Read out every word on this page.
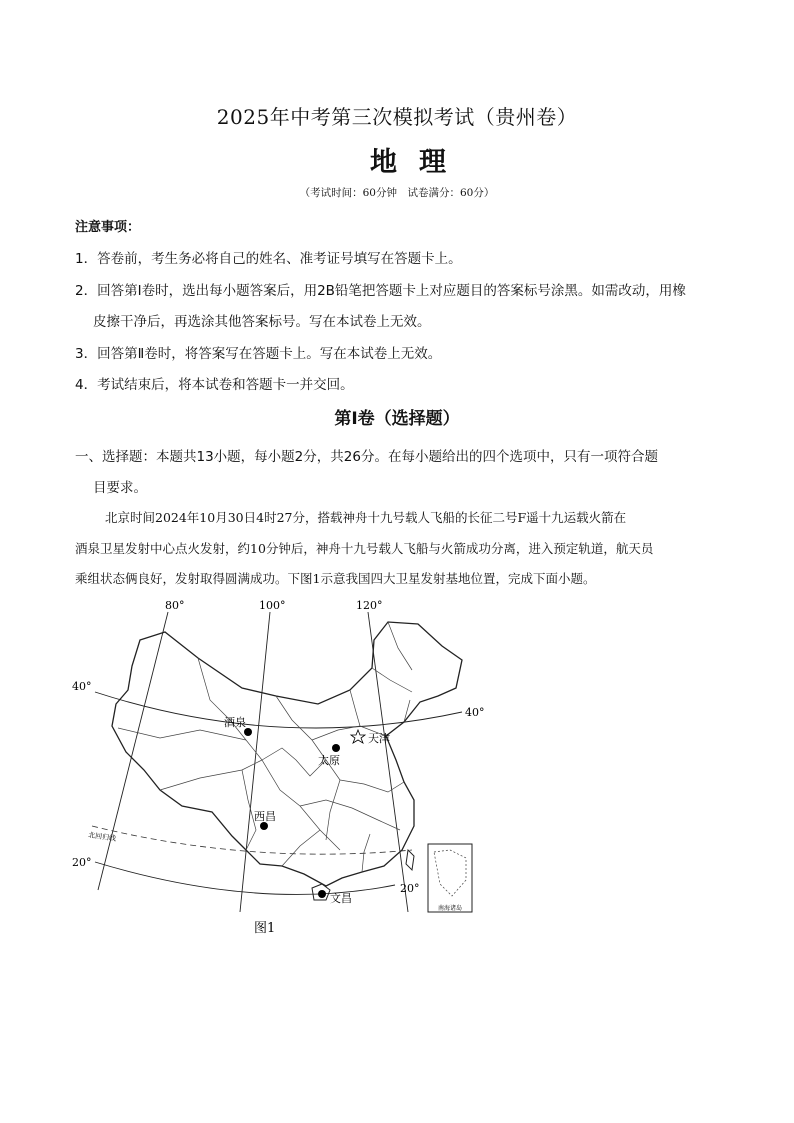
2025年中考第三次模拟考试（贵州卷）
地理
（考试时间：60分钟　试卷满分：60分）
注意事项：
1．答卷前，考生务必将自己的姓名、准考证号填写在答题卡上。
2．回答第Ⅰ卷时，选出每小题答案后，用2B铅笔把答题卡上对应题目的答案标号涂黑。如需改动，用橡
皮擦干净后，再选涂其他答案标号。写在本试卷上无效。
3．回答第Ⅱ卷时，将答案写在答题卡上。写在本试卷上无效。
4．考试结束后，将本试卷和答题卡一并交回。
第Ⅰ卷（选择题）
一、选择题：本题共13小题，每小题2分，共26分。在每小题给出的四个选项中，只有一项符合题
目要求。
北京时间2024年10月30日4时27分，搭载神舟十九号载人飞船的长征二号F遥十九运载火箭在
酒泉卫星发射中心点火发射，约10分钟后，神舟十九号载人飞船与火箭成功分离，进入预定轨道，航天员
乘组状态俩良好，发射取得圆满成功。下图1示意我国四大卫星发射基地位置，完成下面小题。
南海诸岛
80°	100°	120°
40°
40°
20°
20°
北回归线
酒泉
太原
西昌
文昌
天津
图1
